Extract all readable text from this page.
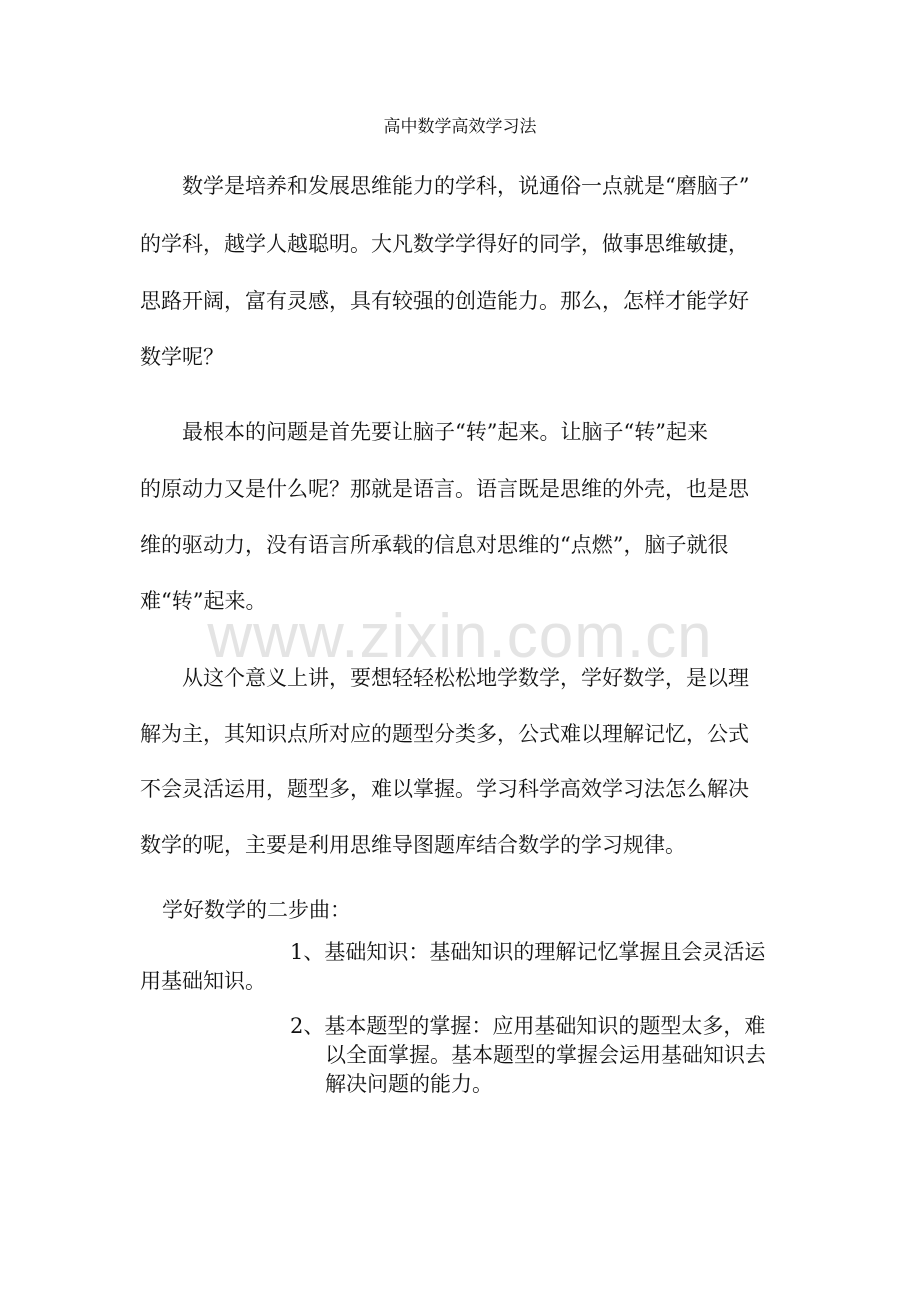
高中数学高效学习法
数学是培养和发展思维能力的学科，说通俗一点就是“磨脑子”
的学科，越学人越聪明。大凡数学学得好的同学，做事思维敏捷，
思路开阔，富有灵感，具有较强的创造能力。那么，怎样才能学好
数学呢？
最根本的问题是首先要让脑子“转”起来。让脑子“转”起来
的原动力又是什么呢？那就是语言。语言既是思维的外壳，也是思
维的驱动力，没有语言所承载的信息对思维的“点燃”，脑子就很
难“转”起来。
www.zixin.com.cn
从这个意义上讲，要想轻轻松松地学数学，学好数学，是以理
解为主，其知识点所对应的题型分类多，公式难以理解记忆，公式
不会灵活运用，题型多，难以掌握。学习科学高效学习法怎么解决
数学的呢，主要是利用思维导图题库结合数学的学习规律。
学好数学的二步曲：
1、基础知识：基础知识的理解记忆掌握且会灵活运
用基础知识。
2、基本题型的掌握：应用基础知识的题型太多，难
以全面掌握。基本题型的掌握会运用基础知识去
解决问题的能力。
